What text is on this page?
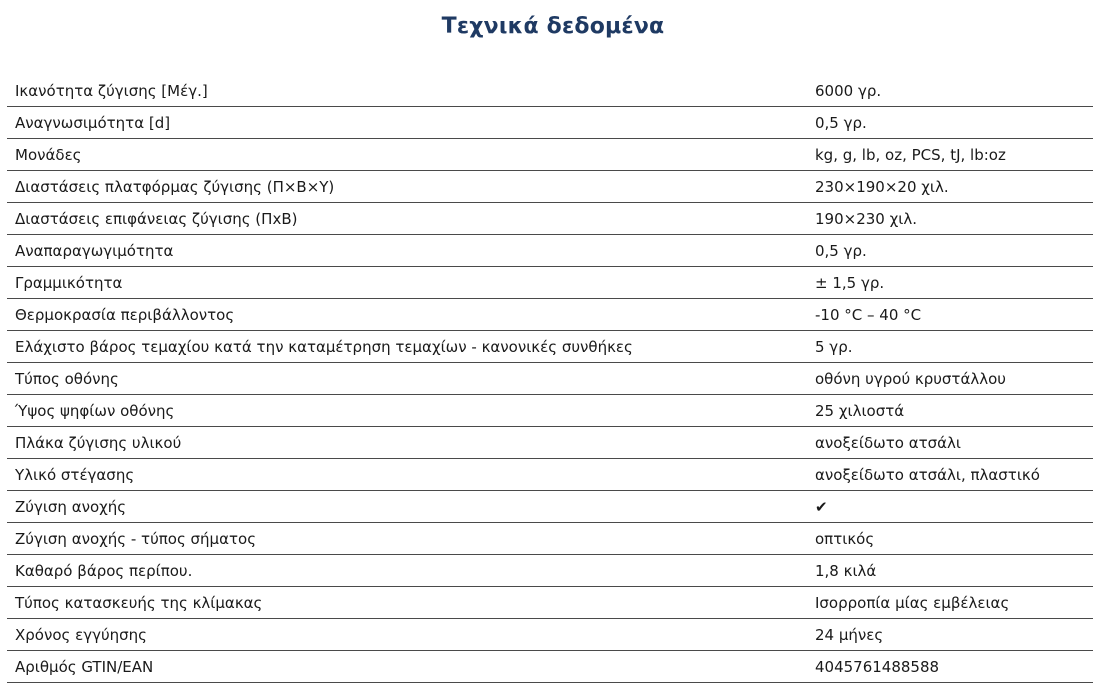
Τεχνικά δεδομένα
Ικανότητα ζύγισης [Μέγ.]	6000 γρ.
Αναγνωσιμότητα [d]	0,5 γρ.
Μονάδες	kg, g, lb, oz, PCS, tJ, lb:oz
Διαστάσεις πλατφόρμας ζύγισης (Π×Β×Υ)	230×190×20 χιλ.
Διαστάσεις επιφάνειας ζύγισης (ΠxΒ)	190×230 χιλ.
Αναπαραγωγιμότητα	0,5 γρ.
Γραμμικότητα	± 1,5 γρ.
Θερμοκρασία περιβάλλοντος	-10 °C – 40 °C
Ελάχιστο βάρος τεμαχίου κατά την καταμέτρηση τεμαχίων - κανονικές συνθήκες	5 γρ.
Τύπος οθόνης	οθόνη υγρού κρυστάλλου
Ύψος ψηφίων οθόνης	25 χιλιοστά
Πλάκα ζύγισης υλικού	ανοξείδωτο ατσάλι
Υλικό στέγασης	ανοξείδωτο ατσάλι, πλαστικό
Ζύγιση ανοχής	✔
Ζύγιση ανοχής - τύπος σήματος	οπτικός
Καθαρό βάρος περίπου.	1,8 κιλά
Τύπος κατασκευής της κλίμακας	Ισορροπία μίας εμβέλειας
Χρόνος εγγύησης	24 μήνες
Αριθμός GTIN/EAN	4045761488588
